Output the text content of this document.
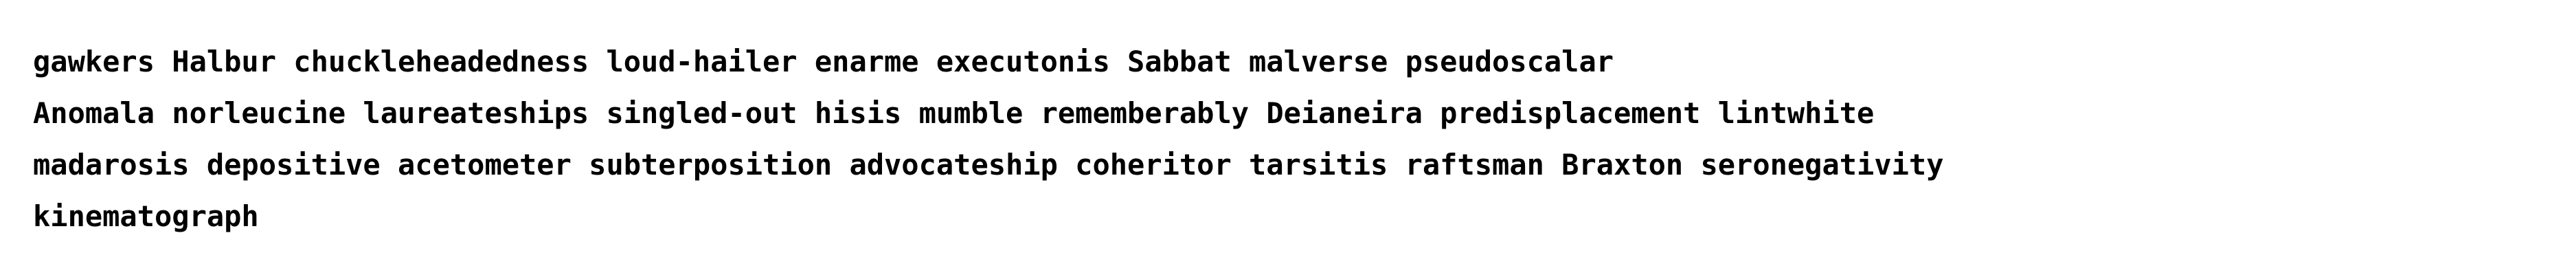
gawkers Halbur chuckleheadedness loud-hailer enarme executonis Sabbat malverse pseudoscalar
Anomala norleucine laureateships singled-out hisis mumble rememberably Deianeira predisplacement lintwhite
madarosis depositive acetometer subterposition advocateship coheritor tarsitis raftsman Braxton seronegativity
kinematograph
